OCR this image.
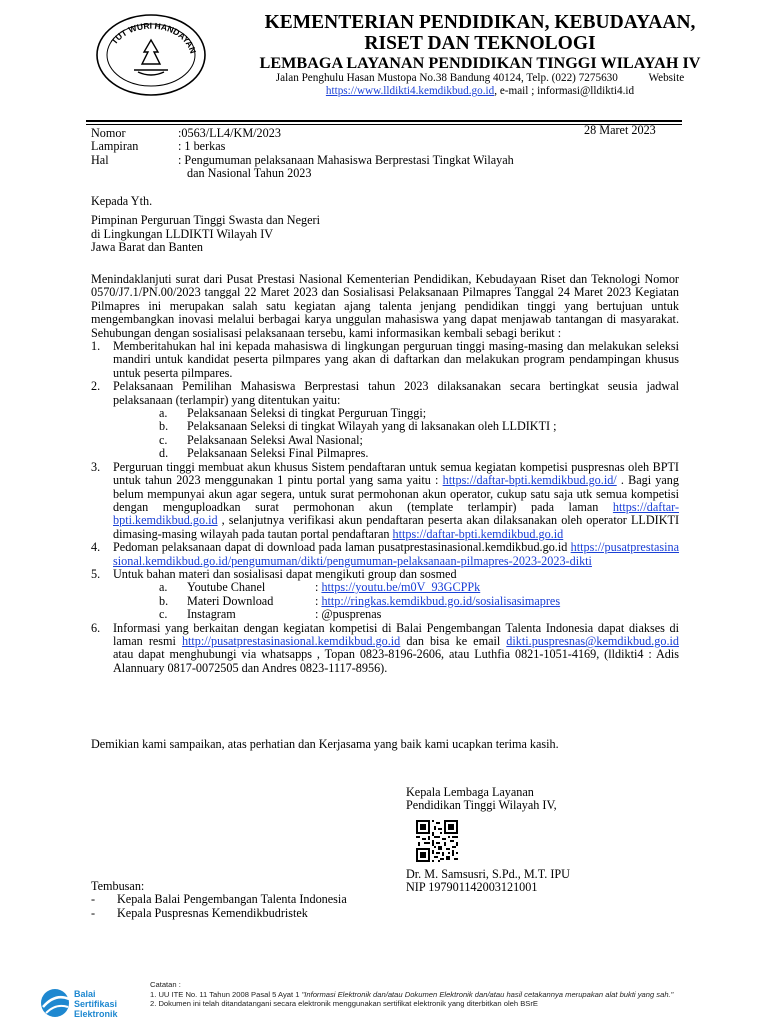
TUT WURI HANDAYAN
KEMENTERIAN PENDIDIKAN, KEBUDAYAAN,
RISET DAN TEKNOLOGI
LEMBAGA LAYANAN PENDIDIKAN TINGGI WILAYAH IV
Jalan Penghulu Hasan Mustopa No.38 Bandung 40124, Telp. (022) 7275630	Website
https://www.lldikti4.kemdikbud.go.id, e-mail ; informasi@lldikti4.id
Nomor	:0563/LL4/KM/2023
Lampiran	: 1 berkas
Hal	: Pengumuman pelaksanaan Mahasiswa Berprestasi Tingkat Wilayah
dan Nasional Tahun 2023
28 Maret 2023
Kepada Yth.
Pimpinan Perguruan Tinggi Swasta dan Negeri
di Lingkungan LLDIKTI Wilayah IV
Jawa Barat dan Banten
Menindaklanjuti surat dari Pusat Prestasi Nasional Kementerian Pendidikan, Kebudayaan Riset dan Teknologi Nomor 0570/J7.1/PN.00/2023 tanggal 22 Maret 2023 dan Sosialisasi Pelaksanaan Pilmapres Tanggal 24 Maret 2023 Kegiatan Pilmapres ini merupakan salah satu kegiatan ajang talenta jenjang pendidikan tinggi yang bertujuan untuk mengembangkan inovasi melalui berbagai karya unggulan mahasiswa yang dapat menjawab tantangan di masyarakat. Sehubungan dengan sosialisasi pelaksanaan tersebu, kami informasikan kembali sebagi berikut :
1. Memberitahukan hal ini kepada mahasiswa di lingkungan perguruan tinggi masing-masing dan melakukan seleksi mandiri untuk kandidat peserta pilmpares yang akan di daftarkan dan melakukan program pendampingan khusus untuk peserta pilmpares.
2. Pelaksanaan Pemilihan Mahasiswa Berprestasi tahun 2023 dilaksanakan secara bertingkat seusia jadwal pelaksanaan (terlampir) yang ditentukan yaitu:
a. Pelaksanaan Seleksi di tingkat Perguruan Tinggi;
b. Pelaksanaan Seleksi di tingkat Wilayah yang di laksanakan oleh LLDIKTI ;
c. Pelaksanaan Seleksi Awal Nasional;
d. Pelaksanaan Seleksi Final Pilmapres.
3. Perguruan tinggi membuat akun khusus Sistem pendaftaran untuk semua kegiatan kompetisi puspresnas oleh BPTI untuk tahun 2023 menggunakan 1 pintu portal yang sama yaitu : https://daftar-bpti.kemdikbud.go.id/ . Bagi yang belum mempunyai akun agar segera, untuk surat permohonan akun operator, cukup satu saja utk semua kompetisi dengan menguploadkan surat permohonan akun (template terlampir) pada laman https://daftar-bpti.kemdikbud.go.id , selanjutnya verifikasi akun pendaftaran peserta akan dilaksanakan oleh operator LLDIKTI dimasing-masing wilayah pada tautan portal pendaftaran https://daftar-bpti.kemdikbud.go.id
4. Pedoman pelaksanaan dapat di download pada laman pusatprestasinasional.kemdikbud.go.id https://pusatprestasinasional.kemdikbud.go.id/pengumuman/dikti/pengumuman-pelaksanaan-pilmapres-2023-2023-dikti
5. Untuk bahan materi dan sosialisasi dapat mengikuti group dan sosmed
a. Youtube Chanel	: https://youtu.be/m0V_93GCPPk
b. Materi Download	: http://ringkas.kemdikbud.go.id/sosialisasimapres
c. Instagram	: @pusprenas
6. Informasi yang berkaitan dengan kegiatan kompetisi di Balai Pengembangan Talenta Indonesia dapat diakses di laman resmi http://pusatprestasinasional.kemdikbud.go.id dan bisa ke email dikti.puspresnas@kemdikbud.go.id atau dapat menghubungi via whatsapps , Topan 0823-8196-2606, atau Luthfia 0821-1051-4169, (lldikti4 : Adis Alannuary 0817-0072505 dan Andres 0823-1117-8956).
Demikian kami sampaikan, atas perhatian dan Kerjasama yang baik kami ucapkan terima kasih.
Kepala Lembaga Layanan
Pendidikan Tinggi Wilayah IV,
Dr. M. Samsusri, S.Pd., M.T. IPU
NIP 197901142003121001
Tembusan:
- Kepala Balai Pengembangan Talenta Indonesia
- Kepala Puspresnas Kemendikbudristek
Balai
Sertifikasi
Elektronik
Catatan :
1. UU ITE No. 11 Tahun 2008 Pasal 5 Ayat 1 "Informasi Elektronik dan/atau Dokumen Elektronik dan/atau hasil cetakannya merupakan alat bukti yang sah."
2. Dokumen ini telah ditandatangani secara elektronik menggunakan sertifikat elektronik yang diterbitkan oleh BSrE
